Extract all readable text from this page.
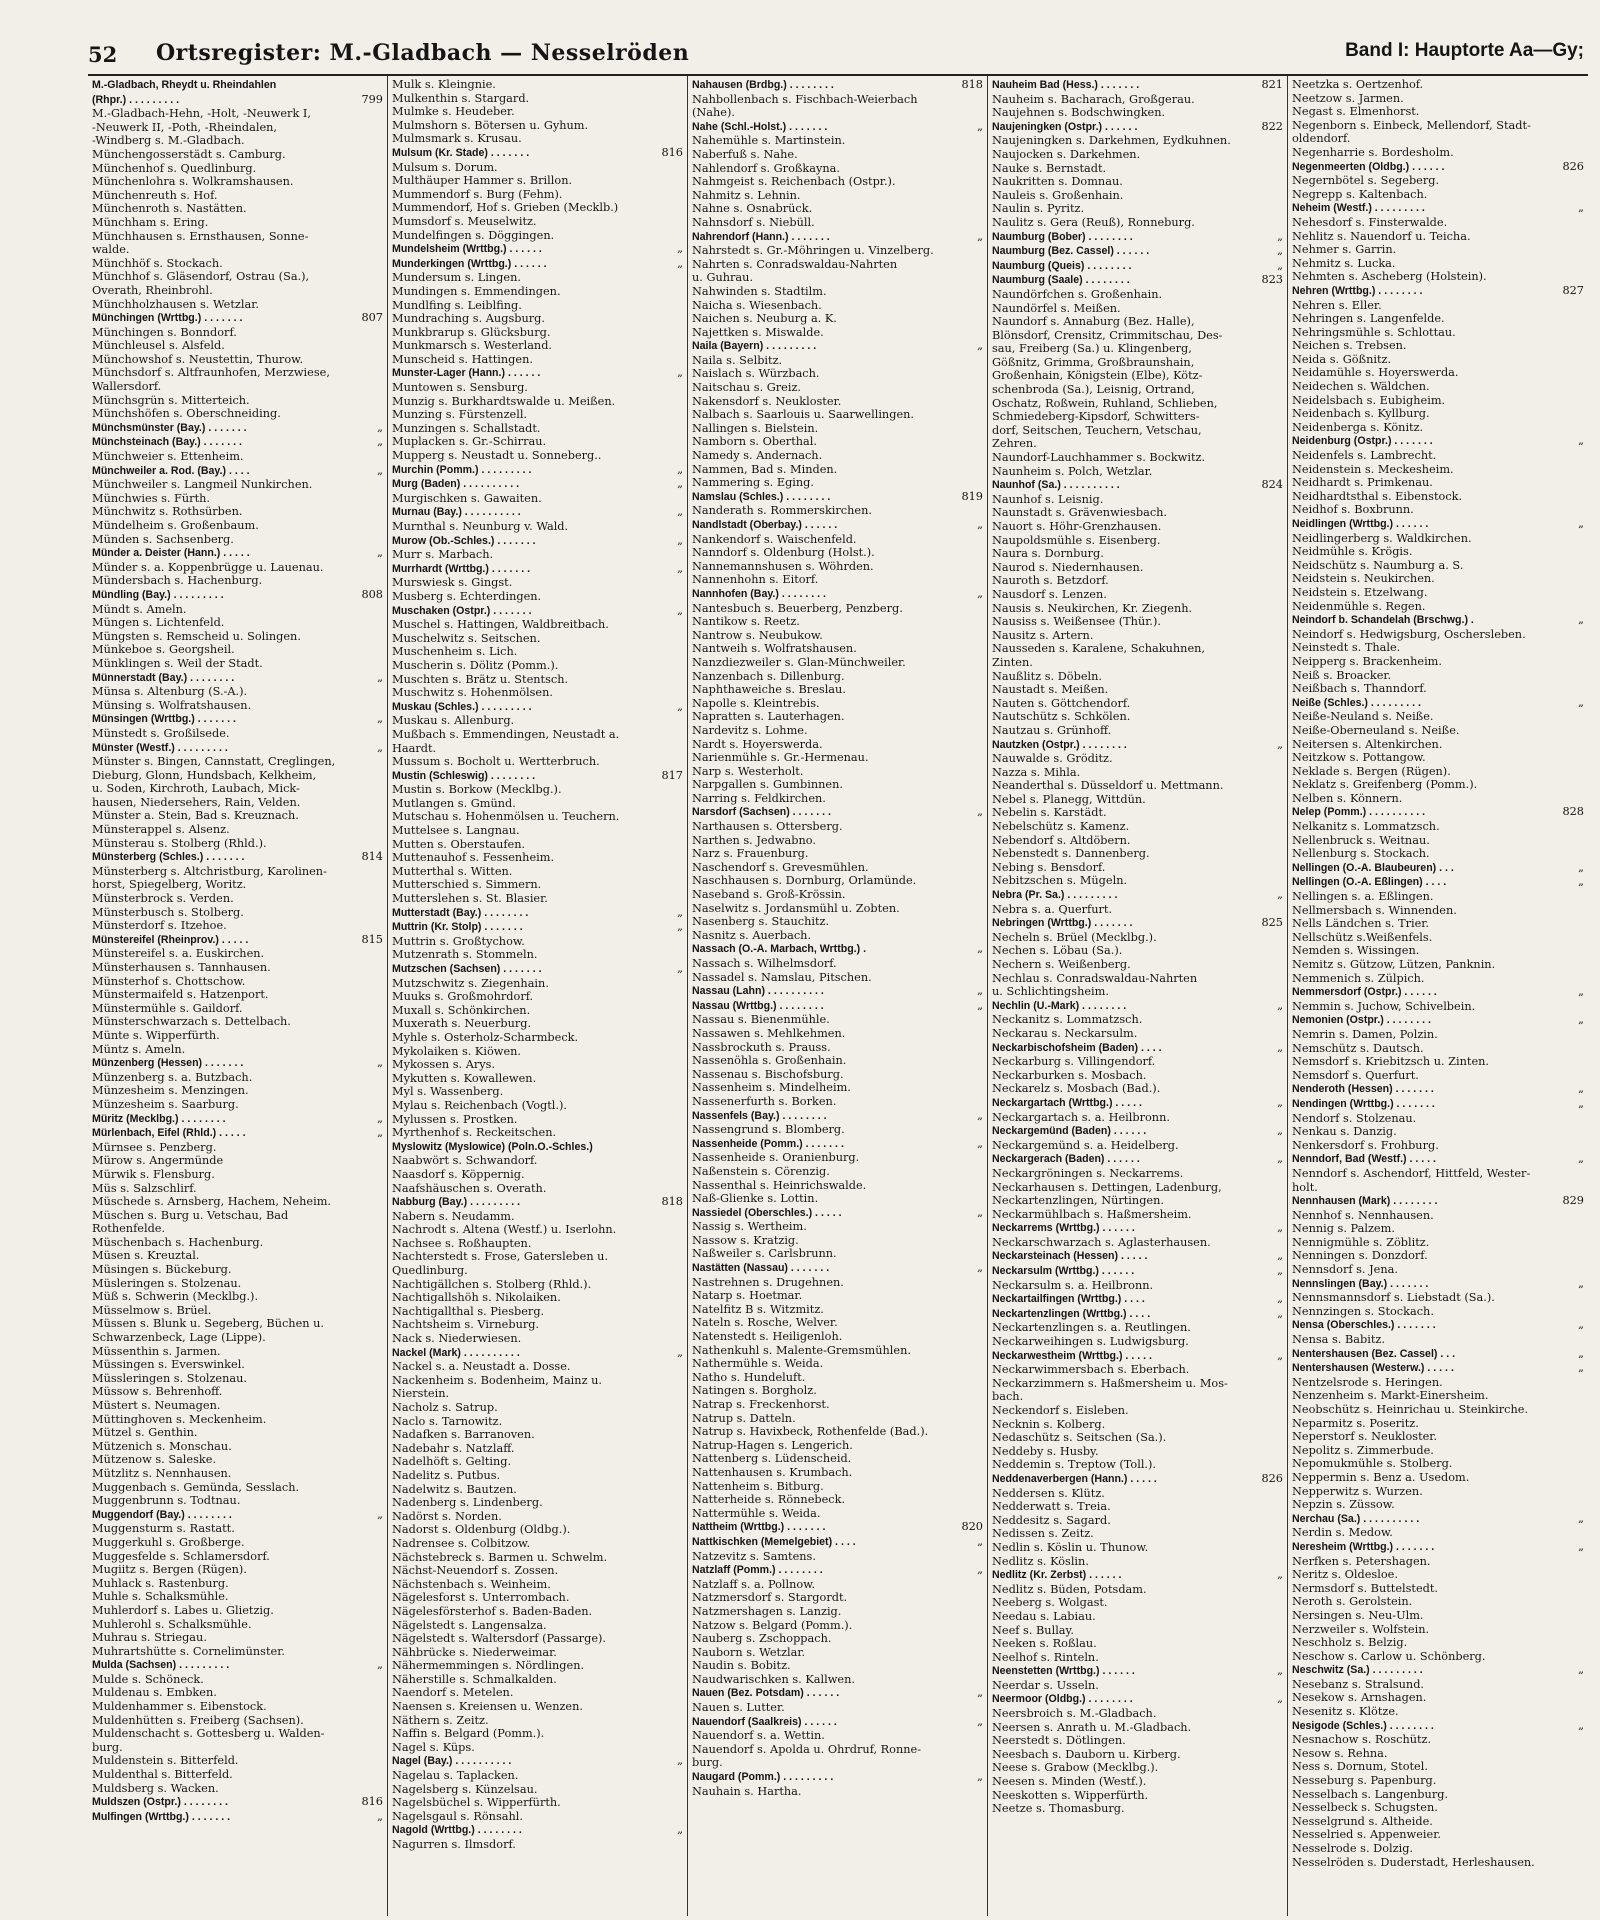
52 Ortsregister: M.-Gladbach — Nesselröden	Band I: Hauptorte Aa—Gy;
M.-Gladbach, Rheydt u. Rheindahlen
(Rhpr.) . . . . . . . . .	799
M.-Gladbach-Hehn, -Holt, -Neuwerk I,
-Neuwerk II, -Poth, -Rheindalen,
-Windberg s. M.-Gladbach.
Münchengosserstädt s. Camburg.
Münchenhof s. Quedlinburg.
Münchenlohra s. Wolkramshausen.
Münchenreuth s. Hof.
Münchenroth s. Nastätten.
Münchham s. Ering.
Münchhausen s. Ernsthausen, Sonne-
walde.
Münchhöf s. Stockach.
Münchhof s. Gläsendorf, Ostrau (Sa.),
Overath, Rheinbrohl.
Münchholzhausen s. Wetzlar.
Münchingen (Wrttbg.) . . . . . . .	807
Münchingen s. Bonndorf.
Münchleusel s. Alsfeld.
Münchowshof s. Neustettin, Thurow.
Münchsdorf s. Altfraunhofen, Merzwiese,
Wallersdorf.
Münchsgrün s. Mitterteich.
Münchshöfen s. Oberschneiding.
Münchsmünster (Bay.) . . . . . . .	„
Münchsteinach (Bay.) . . . . . . .	„
Münchweier s. Ettenheim.
Münchweiler a. Rod. (Bay.) . . . .	„
Münchweiler s. Langmeil Nunkirchen.
Münchwies s. Fürth.
Münchwitz s. Rothsürben.
Mündelheim s. Großenbaum.
Münden s. Sachsenberg.
Münder a. Deister (Hann.) . . . . .	„
Münder s. a. Koppenbrügge u. Lauenau.
Mündersbach s. Hachenburg.
Mündling (Bay.) . . . . . . . . .	808
Mündt s. Ameln.
Müngen s. Lichtenfeld.
Müngsten s. Remscheid u. Solingen.
Münkeboe s. Georgsheil.
Münklingen s. Weil der Stadt.
Münnerstadt (Bay.) . . . . . . . .	„
Münsa s. Altenburg (S.-A.).
Münsing s. Wolfratshausen.
Münsingen (Wrttbg.) . . . . . . .	„
Münstedt s. Großilsede.
Münster (Westf.) . . . . . . . . .	„
Münster s. Bingen, Cannstatt, Creglingen,
Dieburg, Glonn, Hundsbach, Kelkheim,
u. Soden, Kirchroth, Laubach, Mick-
hausen, Niedersehers, Rain, Velden.
Münster a. Stein, Bad s. Kreuznach.
Münsterappel s. Alsenz.
Münsterau s. Stolberg (Rhld.).
Münsterberg (Schles.) . . . . . . .	814
Münsterberg s. Altchristburg, Karolinen-
horst, Spiegelberg, Woritz.
Münsterbrock s. Verden.
Münsterbusch s. Stolberg.
Münsterdorf s. Itzehoe.
Münstereifel (Rheinprov.) . . . . .	815
Münstereifel s. a. Euskirchen.
Münsterhausen s. Tannhausen.
Münsterhof s. Chottschow.
Münstermaifeld s. Hatzenport.
Münstermühle s. Gaildorf.
Münsterschwarzach s. Dettelbach.
Münte s. Wipperfürth.
Müntz s. Ameln.
Münzenberg (Hessen) . . . . . . .	„
Münzenberg s. a. Butzbach.
Münzesheim s. Menzingen.
Münzesheim s. Saarburg.
Müritz (Mecklbg.) . . . . . . . .	„
Mürlenbach, Eifel (Rhld.) . . . . .	„
Mürnsee s. Penzberg.
Mürow s. Angermünde
Mürwik s. Flensburg.
Müs s. Salzschlirf.
Müschede s. Arnsberg, Hachem, Neheim.
Müschen s. Burg u. Vetschau, Bad
Rothenfelde.
Müschenbach s. Hachenburg.
Müsen s. Kreuztal.
Müsingen s. Bückeburg.
Müsleringen s. Stolzenau.
Müß s. Schwerin (Mecklbg.).
Müsselmow s. Brüel.
Müssen s. Blunk u. Segeberg, Büchen u.
Schwarzenbeck, Lage (Lippe).
Müssenthin s. Jarmen.
Müssingen s. Everswinkel.
Müssleringen s. Stolzenau.
Müssow s. Behrenhoff.
Müstert s. Neumagen.
Müttinghoven s. Meckenheim.
Mützel s. Genthin.
Mützenich s. Monschau.
Mützenow s. Saleske.
Mützlitz s. Nennhausen.
Muggenbach s. Gemünda, Sesslach.
Muggenbrunn s. Todtnau.
Muggendorf (Bay.) . . . . . . . .	„
Muggensturm s. Rastatt.
Muggerkuhl s. Großberge.
Muggesfelde s. Schlamersdorf.
Mugiitz s. Bergen (Rügen).
Muhlack s. Rastenburg.
Muhle s. Schalksmühle.
Muhlerdorf s. Labes u. Glietzig.
Muhlerohl s. Schalksmühle.
Muhrau s. Striegau.
Muhrartshütte s. Cornelimünster.
Mulda (Sachsen) . . . . . . . . .	„
Mulde s. Schöneck.
Muldenau s. Embken.
Muldenhammer s. Eibenstock.
Muldenhütten s. Freiberg (Sachsen).
Muldenschacht s. Gottesberg u. Walden-
burg.
Muldenstein s. Bitterfeld.
Muldenthal s. Bitterfeld.
Muldsberg s. Wacken.
Muldszen (Ostpr.) . . . . . . . .	816
Mulfingen (Wrttbg.) . . . . . . .	„
Mulk s. Kleingnie.
Mulkenthin s. Stargard.
Mulmke s. Heudeber.
Mulmshorn s. Bötersen u. Gyhum.
Mulmsmark s. Krusau.
Mulsum (Kr. Stade) . . . . . . .	816
Mulsum s. Dorum.
Multhäuper Hammer s. Brillon.
Mummendorf s. Burg (Fehm).
Mummendorf, Hof s. Grieben (Mecklb.)
Mumsdorf s. Meuselwitz.
Mundelfingen s. Döggingen.
Mundelsheim (Wrttbg.) . . . . . .	„
Munderkingen (Wrttbg.) . . . . . .	„
Mundersum s. Lingen.
Mundingen s. Emmendingen.
Mundlfing s. Leiblfing.
Mundraching s. Augsburg.
Munkbrarup s. Glücksburg.
Munkmarsch s. Westerland.
Munscheid s. Hattingen.
Munster-Lager (Hann.) . . . . . .	„
Muntowen s. Sensburg.
Munzig s. Burkhardtswalde u. Meißen.
Munzing s. Fürstenzell.
Munzingen s. Schallstadt.
Muplacken s. Gr.-Schirrau.
Mupperg s. Neustadt u. Sonneberg..
Murchin (Pomm.) . . . . . . . . .	„
Murg (Baden) . . . . . . . . . .	„
Murgischken s. Gawaiten.
Murnau (Bay.) . . . . . . . . . .	„
Murnthal s. Neunburg v. Wald.
Murow (Ob.-Schles.) . . . . . . .	„
Murr s. Marbach.
Murrhardt (Wrttbg.) . . . . . . .	„
Murswiesk s. Gingst.
Musberg s. Echterdingen.
Muschaken (Ostpr.) . . . . . . .	„
Muschel s. Hattingen, Waldbreitbach.
Muschelwitz s. Seitschen.
Muschenheim s. Lich.
Muscherin s. Dölitz (Pomm.).
Muschten s. Brätz u. Stentsch.
Muschwitz s. Hohenmölsen.
Muskau (Schles.) . . . . . . . . .	„
Muskau s. Allenburg.
Mußbach s. Emmendingen, Neustadt a.
Haardt.
Mussum s. Bocholt u. Wertterbruch.
Mustin (Schleswig) . . . . . . . .	817
Mustin s. Borkow (Mecklbg.).
Mutlangen s. Gmünd.
Mutschau s. Hohenmölsen u. Teuchern.
Muttelsee s. Langnau.
Mutten s. Oberstaufen.
Muttenauhof s. Fessenheim.
Mutterthal s. Witten.
Mutterschied s. Simmern.
Mutterslehen s. St. Blasier.
Mutterstadt (Bay.) . . . . . . . .	„
Muttrin (Kr. Stolp) . . . . . . .	„
Muttrin s. Großtychow.
Mutzenrath s. Stommeln.
Mutzschen (Sachsen) . . . . . . .	„
Mutzschwitz s. Ziegenhain.
Muuks s. Großmohrdorf.
Muxall s. Schönkirchen.
Muxerath s. Neuerburg.
Myhle s. Osterholz-Scharmbeck.
Mykolaiken s. Kiöwen.
Mykossen s. Arys.
Mykutten s. Kowallewen.
Myl s. Wassenberg.
Mylau s. Reichenbach (Vogtl.).
Mylussen s. Prostken.
Myrthenhof s. Reckeitschen.
Myslowitz (Myslowice) (Poln.O.-Schles.)
Naabwört s. Schwandorf.
Naasdorf s. Köppernig.
Naafshäuschen s. Overath.
Nabburg (Bay.) . . . . . . . . .	818
Nabern s. Neudamm.
Nachrodt s. Altena (Westf.) u. Iserlohn.
Nachsee s. Roßhaupten.
Nachterstedt s. Frose, Gatersleben u.
Quedlinburg.
Nachtigällchen s. Stolberg (Rhld.).
Nachtigallshöh s. Nikolaiken.
Nachtigallthal s. Piesberg.
Nachtsheim s. Virneburg.
Nack s. Niederwiesen.
Nackel (Mark) . . . . . . . . . .	„
Nackel s. a. Neustadt a. Dosse.
Nackenheim s. Bodenheim, Mainz u.
Nierstein.
Nacholz s. Satrup.
Naclo s. Tarnowitz.
Nadafken s. Barranoven.
Nadebahr s. Natzlaff.
Nadelhöft s. Gelting.
Nadelitz s. Putbus.
Nadelwitz s. Bautzen.
Nadenberg s. Lindenberg.
Nadörst s. Norden.
Nadorst s. Oldenburg (Oldbg.).
Nadrensee s. Colbitzow.
Nächstebreck s. Barmen u. Schwelm.
Nächst-Neuendorf s. Zossen.
Nächstenbach s. Weinheim.
Nägelesforst s. Unterrombach.
Nägelesförsterhof s. Baden-Baden.
Nägelstedt s. Langensalza.
Nägelstedt s. Waltersdorf (Passarge).
Nähbrücke s. Niederweimar.
Nähermemmingen s. Nördlingen.
Näherstille s. Schmalkalden.
Naendorf s. Metelen.
Naensen s. Kreiensen u. Wenzen.
Näthern s. Zeitz.
Naffin s. Belgard (Pomm.).
Nagel s. Küps.
Nagel (Bay.) . . . . . . . . . .	„
Nagelau s. Taplacken.
Nagelsberg s. Künzelsau.
Nagelsbüchel s. Wipperfürth.
Nagelsgaul s. Rönsahl.
Nagold (Wrttbg.) . . . . . . . .	„
Nagurren s. Ilmsdorf.
Nahausen (Brdbg.) . . . . . . . .	818
Nahbollenbach s. Fischbach-Weierbach
(Nahe).
Nahe (Schl.-Holst.) . . . . . . .	„
Nahemühle s. Martinstein.
Naberfuß s. Nahe.
Nahlendorf s. Großkayna.
Nahmgeist s. Reichenbach (Ostpr.).
Nahmitz s. Lehnin.
Nahne s. Osnabrück.
Nahnsdorf s. Niebüll.
Nahrendorf (Hann.) . . . . . . .	„
Nahrstedt s. Gr.-Möhringen u. Vinzelberg.
Nahrten s. Conradswaldau-Nahrten
u. Guhrau.
Nahwinden s. Stadtilm.
Naicha s. Wiesenbach.
Naichen s. Neuburg a. K.
Najettken s. Miswalde.
Naila (Bayern) . . . . . . . . .	„
Naila s. Selbitz.
Naislach s. Würzbach.
Naitschau s. Greiz.
Nakensdorf s. Neukloster.
Nalbach s. Saarlouis u. Saarwellingen.
Nallingen s. Bielstein.
Namborn s. Oberthal.
Namedy s. Andernach.
Nammen, Bad s. Minden.
Nammering s. Eging.
Namslau (Schles.) . . . . . . . .	819
Nanderath s. Rommerskirchen.
Nandlstadt (Oberbay.) . . . . . .	„
Nankendorf s. Waischenfeld.
Nanndorf s. Oldenburg (Holst.).
Nannemannshusen s. Wöhrden.
Nannenhohn s. Eitorf.
Nannhofen (Bay.) . . . . . . . .	„
Nantesbuch s. Beuerberg, Penzberg.
Nantikow s. Reetz.
Nantrow s. Neubukow.
Nantweih s. Wolfratshausen.
Nanzdiezweiler s. Glan-Münchweiler.
Nanzenbach s. Dillenburg.
Naphthaweiche s. Breslau.
Napolle s. Kleintrebis.
Napratten s. Lauterhagen.
Nardevitz s. Lohme.
Nardt s. Hoyerswerda.
Narienmühle s. Gr.-Hermenau.
Narp s. Westerholt.
Narpgallen s. Gumbinnen.
Narring s. Feldkirchen.
Narsdorf (Sachsen) . . . . . . .	„
Narthausen s. Ottersberg.
Narthen s. Jedwabno.
Narz s. Frauenburg.
Naschendorf s. Grevesmühlen.
Naschhausen s. Dornburg, Orlamünde.
Naseband s. Groß-Krössin.
Naselwitz s. Jordansmühl u. Zobten.
Nasenberg s. Stauchitz.
Nasnitz s. Auerbach.
Nassach (O.-A. Marbach, Wrttbg.) .	„
Nassach s. Wilhelmsdorf.
Nassadel s. Namslau, Pitschen.
Nassau (Lahn) . . . . . . . . . .	„
Nassau (Wrttbg.) . . . . . . . .	„
Nassau s. Bienenmühle.
Nassawen s. Mehlkehmen.
Nassbrockuth s. Prauss.
Nassenöhla s. Großenhain.
Nassenau s. Bischofsburg.
Nassenheim s. Mindelheim.
Nassenerfurth s. Borken.
Nassenfels (Bay.) . . . . . . . .	„
Nassengrund s. Blomberg.
Nassenheide (Pomm.) . . . . . . .	„
Nassenheide s. Oranienburg.
Naßenstein s. Cörenzig.
Nassenthal s. Heinrichswalde.
Naß-Glienke s. Lottin.
Nassiedel (Oberschles.) . . . . .	„
Nassig s. Wertheim.
Nassow s. Kratzig.
Naßweiler s. Carlsbrunn.
Nastätten (Nassau) . . . . . . .	„
Nastrehnen s. Drugehnen.
Natarp s. Hoetmar.
Natelfitz B s. Witzmitz.
Nateln s. Rosche, Welver.
Natenstedt s. Heiligenloh.
Nathenkuhl s. Malente-Gremsmühlen.
Nathermühle s. Weida.
Natho s. Hundeluft.
Natingen s. Borgholz.
Natrap s. Freckenhorst.
Natrup s. Datteln.
Natrup s. Havixbeck, Rothenfelde (Bad.).
Natrup-Hagen s. Lengerich.
Nattenberg s. Lüdenscheid.
Nattenhausen s. Krumbach.
Nattenheim s. Bitburg.
Natterheide s. Rönnebeck.
Nattermühle s. Weida.
Nattheim (Wrttbg.) . . . . . . .	820
Nattkischken (Memelgebiet) . . . .	„
Natzevitz s. Samtens.
Natzlaff (Pomm.) . . . . . . . .	„
Natzlaff s. a. Pollnow.
Natzmersdorf s. Stargordt.
Natzmershagen s. Lanzig.
Natzow s. Belgard (Pomm.).
Nauberg s. Zschoppach.
Nauborn s. Wetzlar.
Naudin s. Bobitz.
Naudwarischken s. Kallwen.
Nauen (Bez. Potsdam) . . . . . .	„
Nauen s. Lutter.
Nauendorf (Saalkreis) . . . . . .	„
Nauendorf s. a. Wettin.
Nauendorf s. Apolda u. Ohrdruf, Ronne-
burg.
Naugard (Pomm.) . . . . . . . . .	„
Nauhain s. Hartha.
Nauheim Bad (Hess.) . . . . . . .	821
Nauheim s. Bacharach, Großgerau.
Naujehnen s. Bodschwingken.
Naujeningken (Ostpr.) . . . . . .	822
Naujeningken s. Darkehmen, Eydkuhnen.
Naujocken s. Darkehmen.
Nauke s. Bernstadt.
Naukritten s. Domnau.
Nauleis s. Großenhain.
Naulin s. Pyritz.
Naulitz s. Gera (Reuß), Ronneburg.
Naumburg (Bober) . . . . . . . .	„
Naumburg (Bez. Cassel) . . . . . .	„
Naumburg (Queis) . . . . . . . .	„
Naumburg (Saale) . . . . . . . .	823
Naundörfchen s. Großenhain.
Naundörfel s. Meißen.
Naundorf s. Annaburg (Bez. Halle),
Blönsdorf, Crensitz, Crimmitschau, Des-
sau, Freiberg (Sa.) u. Klingenberg,
Gößnitz, Grimma, Großbraunshain,
Großenhain, Königstein (Elbe), Kötz-
schenbroda (Sa.), Leisnig, Ortrand,
Oschatz, Roßwein, Ruhland, Schlieben,
Schmiedeberg-Kipsdorf, Schwitters-
dorf, Seitschen, Teuchern, Vetschau,
Zehren.
Naundorf-Lauchhammer s. Bockwitz.
Naunheim s. Polch, Wetzlar.
Naunhof (Sa.) . . . . . . . . . .	824
Naunhof s. Leisnig.
Naunstadt s. Grävenwiesbach.
Nauort s. Höhr-Grenzhausen.
Naupoldsmühle s. Eisenberg.
Naura s. Dornburg.
Naurod s. Niedernhausen.
Nauroth s. Betzdorf.
Nausdorf s. Lenzen.
Nausis s. Neukirchen, Kr. Ziegenh.
Nausiss s. Weißensee (Thür.).
Nausitz s. Artern.
Nausseden s. Karalene, Schakuhnen,
Zinten.
Naußlitz s. Döbeln.
Naustadt s. Meißen.
Nauten s. Göttchendorf.
Nautschütz s. Schkölen.
Nautzau s. Grünhoff.
Nautzken (Ostpr.) . . . . . . . .	„
Nauwalde s. Gröditz.
Nazza s. Mihla.
Neanderthal s. Düsseldorf u. Mettmann.
Nebel s. Planegg, Wittdün.
Nebelin s. Karstädt.
Nebelschütz s. Kamenz.
Nebendorf s. Altdöbern.
Nebenstedt s. Dannenberg.
Nebing s. Bensdorf.
Nebitzschen s. Mügeln.
Nebra (Pr. Sa.) . . . . . . . . .	„
Nebra s. a. Querfurt.
Nebringen (Wrttbg.) . . . . . . .	825
Necheln s. Brüel (Mecklbg.).
Nechen s. Löbau (Sa.).
Nechern s. Weißenberg.
Nechlau s. Conradswaldau-Nahrten
u. Schlichtingsheim.
Nechlin (U.-Mark) . . . . . . . .	„
Neckanitz s. Lommatzsch.
Neckarau s. Neckarsulm.
Neckarbischofsheim (Baden) . . . .	„
Neckarburg s. Villingendorf.
Neckarburken s. Mosbach.
Neckarelz s. Mosbach (Bad.).
Neckargartach (Wrttbg.) . . . . .	„
Neckargartach s. a. Heilbronn.
Neckargemünd (Baden) . . . . . .	„
Neckargemünd s. a. Heidelberg.
Neckargerach (Baden) . . . . . .	„
Neckargröningen s. Neckarrems.
Neckarhausen s. Dettingen, Ladenburg,
Neckartenzlingen, Nürtingen.
Neckarmühlbach s. Haßmersheim.
Neckarrems (Wrttbg.) . . . . . .	„
Neckarschwarzach s. Aglasterhausen.
Neckarsteinach (Hessen) . . . . .	„
Neckarsulm (Wrttbg.) . . . . . .	„
Neckarsulm s. a. Heilbronn.
Neckartailfingen (Wrttbg.) . . . .	„
Neckartenzlingen (Wrttbg.) . . . .	„
Neckartenzlingen s. a. Reutlingen.
Neckarweihingen s. Ludwigsburg.
Neckarwestheim (Wrttbg.) . . . . .	„
Neckarwimmersbach s. Eberbach.
Neckarzimmern s. Haßmersheim u. Mos-
bach.
Neckendorf s. Eisleben.
Necknin s. Kolberg.
Nedaschütz s. Seitschen (Sa.).
Neddeby s. Husby.
Neddemin s. Treptow (Toll.).
Neddenaverbergen (Hann.) . . . . .	826
Neddersen s. Klütz.
Nedderwatt s. Treia.
Neddesitz s. Sagard.
Nedissen s. Zeitz.
Nedlin s. Köslin u. Thunow.
Nedlitz s. Köslin.
Nedlitz (Kr. Zerbst) . . . . . .	„
Nedlitz s. Büden, Potsdam.
Neeberg s. Wolgast.
Needau s. Labiau.
Neef s. Bullay.
Neeken s. Roßlau.
Neelhof s. Rinteln.
Neenstetten (Wrttbg.) . . . . . .	„
Neerdar s. Usseln.
Neermoor (Oldbg.) . . . . . . . .	„
Neersbroich s. M.-Gladbach.
Neersen s. Anrath u. M.-Gladbach.
Neerstedt s. Dötlingen.
Neesbach s. Dauborn u. Kirberg.
Neese s. Grabow (Mecklbg.).
Neesen s. Minden (Westf.).
Neeskotten s. Wipperfürth.
Neetze s. Thomasburg.
Neetzka s. Oertzenhof.
Neetzow s. Jarmen.
Negast s. Elmenhorst.
Negenborn s. Einbeck, Mellendorf, Stadt-
oldendorf.
Negenharrie s. Bordesholm.
Negenmeerten (Oldbg.) . . . . . .	826
Negernbötel s. Segeberg.
Negrepp s. Kaltenbach.
Neheim (Westf.) . . . . . . . . .	„
Nehesdorf s. Finsterwalde.
Nehlitz s. Nauendorf u. Teicha.
Nehmer s. Garrin.
Nehmitz s. Lucka.
Nehmten s. Ascheberg (Holstein).
Nehren (Wrttbg.) . . . . . . . .	827
Nehren s. Eller.
Nehringen s. Langenfelde.
Nehringsmühle s. Schlottau.
Neichen s. Trebsen.
Neida s. Gößnitz.
Neidamühle s. Hoyerswerda.
Neidechen s. Wäldchen.
Neidelsbach s. Eubigheim.
Neidenbach s. Kyllburg.
Neidenberga s. Könitz.
Neidenburg (Ostpr.) . . . . . . .	„
Neidenfels s. Lambrecht.
Neidenstein s. Meckesheim.
Neidhardt s. Primkenau.
Neidhardtsthal s. Eibenstock.
Neidhof s. Boxbrunn.
Neidlingen (Wrttbg.) . . . . . .	„
Neidlingerberg s. Waldkirchen.
Neidmühle s. Krögis.
Neidschütz s. Naumburg a. S.
Neidstein s. Neukirchen.
Neidstein s. Etzelwang.
Neidenmühle s. Regen.
Neindorf b. Schandelah (Brschwg.) .	„
Neindorf s. Hedwigsburg, Oschersleben.
Neinstedt s. Thale.
Neipperg s. Brackenheim.
Neiß s. Broacker.
Neißbach s. Thanndorf.
Neiße (Schles.) . . . . . . . . .	„
Neiße-Neuland s. Neiße.
Neiße-Oberneuland s. Neiße.
Neitersen s. Altenkirchen.
Neitzkow s. Pottangow.
Neklade s. Bergen (Rügen).
Neklatz s. Greifenberg (Pomm.).
Nelben s. Könnern.
Nelep (Pomm.) . . . . . . . . . .	828
Nelkanitz s. Lommatzsch.
Nellenbruck s. Weitnau.
Nellenburg s. Stockach.
Nellingen (O.-A. Blaubeuren) . . .	„
Nellingen (O.-A. Eßlingen) . . . .	„
Nellingen s. a. Eßlingen.
Nellmersbach s. Winnenden.
Nells Ländchen s. Trier.
Nellschütz s.Weißenfels.
Nemden s. Wissingen.
Nemitz s. Gützow, Lützen, Panknin.
Nemmenich s. Zülpich.
Nemmersdorf (Ostpr.) . . . . . .	„
Nemmin s. Juchow, Schivelbein.
Nemonien (Ostpr.) . . . . . . . .	„
Nemrin s. Damen, Polzin.
Nemschütz s. Dautsch.
Nemsdorf s. Kriebitzsch u. Zinten.
Nemsdorf s. Querfurt.
Nenderoth (Hessen) . . . . . . .	„
Nendingen (Wrttbg.) . . . . . . .	„
Nendorf s. Stolzenau.
Nenkau s. Danzig.
Nenkersdorf s. Frohburg.
Nenndorf, Bad (Westf.) . . . . .	„
Nenndorf s. Aschendorf, Hittfeld, Wester-
holt.
Nennhausen (Mark) . . . . . . . .	829
Nennhof s. Nennhausen.
Nennig s. Palzem.
Nennigmühle s. Zöblitz.
Nenningen s. Donzdorf.
Nennsdorf s. Jena.
Nennslingen (Bay.) . . . . . . .	„
Nennsmannsdorf s. Liebstadt (Sa.).
Nennzingen s. Stockach.
Nensa (Oberschles.) . . . . . . .	„
Nensa s. Babitz.
Nentershausen (Bez. Cassel) . . .	„
Nentershausen (Westerw.) . . . . .	„
Nentzelsrode s. Heringen.
Nenzenheim s. Markt-Einersheim.
Neobschütz s. Heinrichau u. Steinkirche.
Neparmitz s. Poseritz.
Neperstorf s. Neukloster.
Nepolitz s. Zimmerbude.
Nepomukmühle s. Stolberg.
Neppermin s. Benz a. Usedom.
Nepperwitz s. Wurzen.
Nepzin s. Züssow.
Nerchau (Sa.) . . . . . . . . . .	„
Nerdin s. Medow.
Neresheim (Wrttbg.) . . . . . . .	„
Nerfken s. Petershagen.
Neritz s. Oldesloe.
Nermsdorf s. Buttelstedt.
Neroth s. Gerolstein.
Nersingen s. Neu-Ulm.
Nerzweiler s. Wolfstein.
Neschholz s. Belzig.
Neschow s. Carlow u. Schönberg.
Neschwitz (Sa.) . . . . . . . . .	„
Nesebanz s. Stralsund.
Nesekow s. Arnshagen.
Nesenitz s. Klötze.
Nesigode (Schles.) . . . . . . . .	„
Nesnachow s. Roschütz.
Nesow s. Rehna.
Ness s. Dornum, Stotel.
Nesseburg s. Papenburg.
Nesselbach s. Langenburg.
Nesselbeck s. Schugsten.
Nesselgrund s. Altheide.
Nesselried s. Appenweier.
Nesselrode s. Dolzig.
Nesselröden s. Duderstadt, Herleshausen.
